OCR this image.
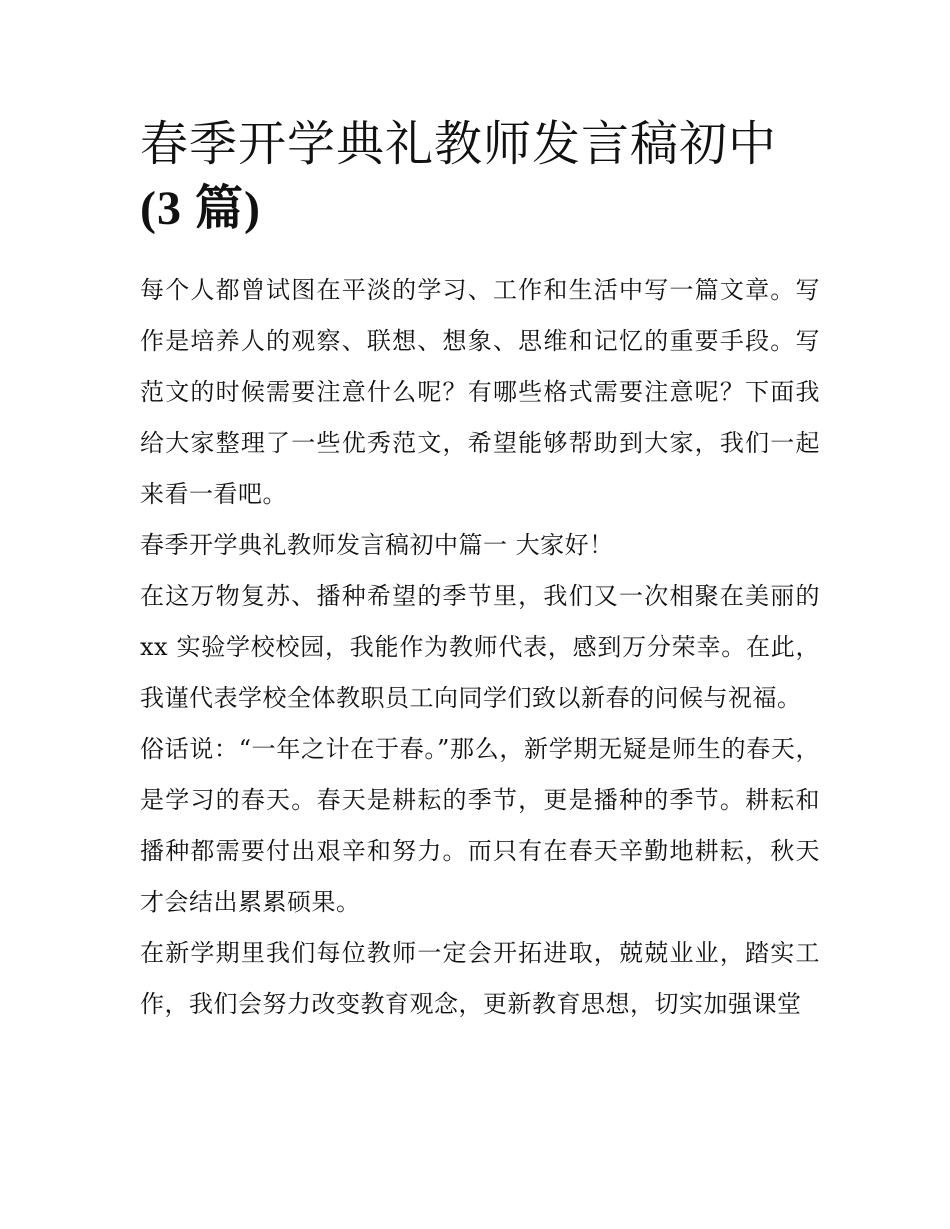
春季开学典礼教师发言稿初中
(3 篇)

每个人都曾试图在平淡的学习、工作和生活中写一篇文章。写作是培养人的观察、联想、想象、思维和记忆的重要手段。写范文的时候需要注意什么呢？有哪些格式需要注意呢？下面我给大家整理了一些优秀范文，希望能够帮助到大家，我们一起来看一看吧。

春季开学典礼教师发言稿初中篇一 大家好！

在这万物复苏、播种希望的季节里，我们又一次相聚在美丽的 xx 实验学校校园，我能作为教师代表，感到万分荣幸。在此，我谨代表学校全体教职员工向同学们致以新春的问候与祝福。

俗话说：“一年之计在于春。”那么，新学期无疑是师生的春天，是学习的春天。春天是耕耘的季节，更是播种的季节。耕耘和播种都需要付出艰辛和努力。而只有在春天辛勤地耕耘，秋天才会结出累累硕果。

在新学期里我们每位教师一定会开拓进取，兢兢业业，踏实工作，我们会努力改变教育观念，更新教育思想，切实加强课堂
